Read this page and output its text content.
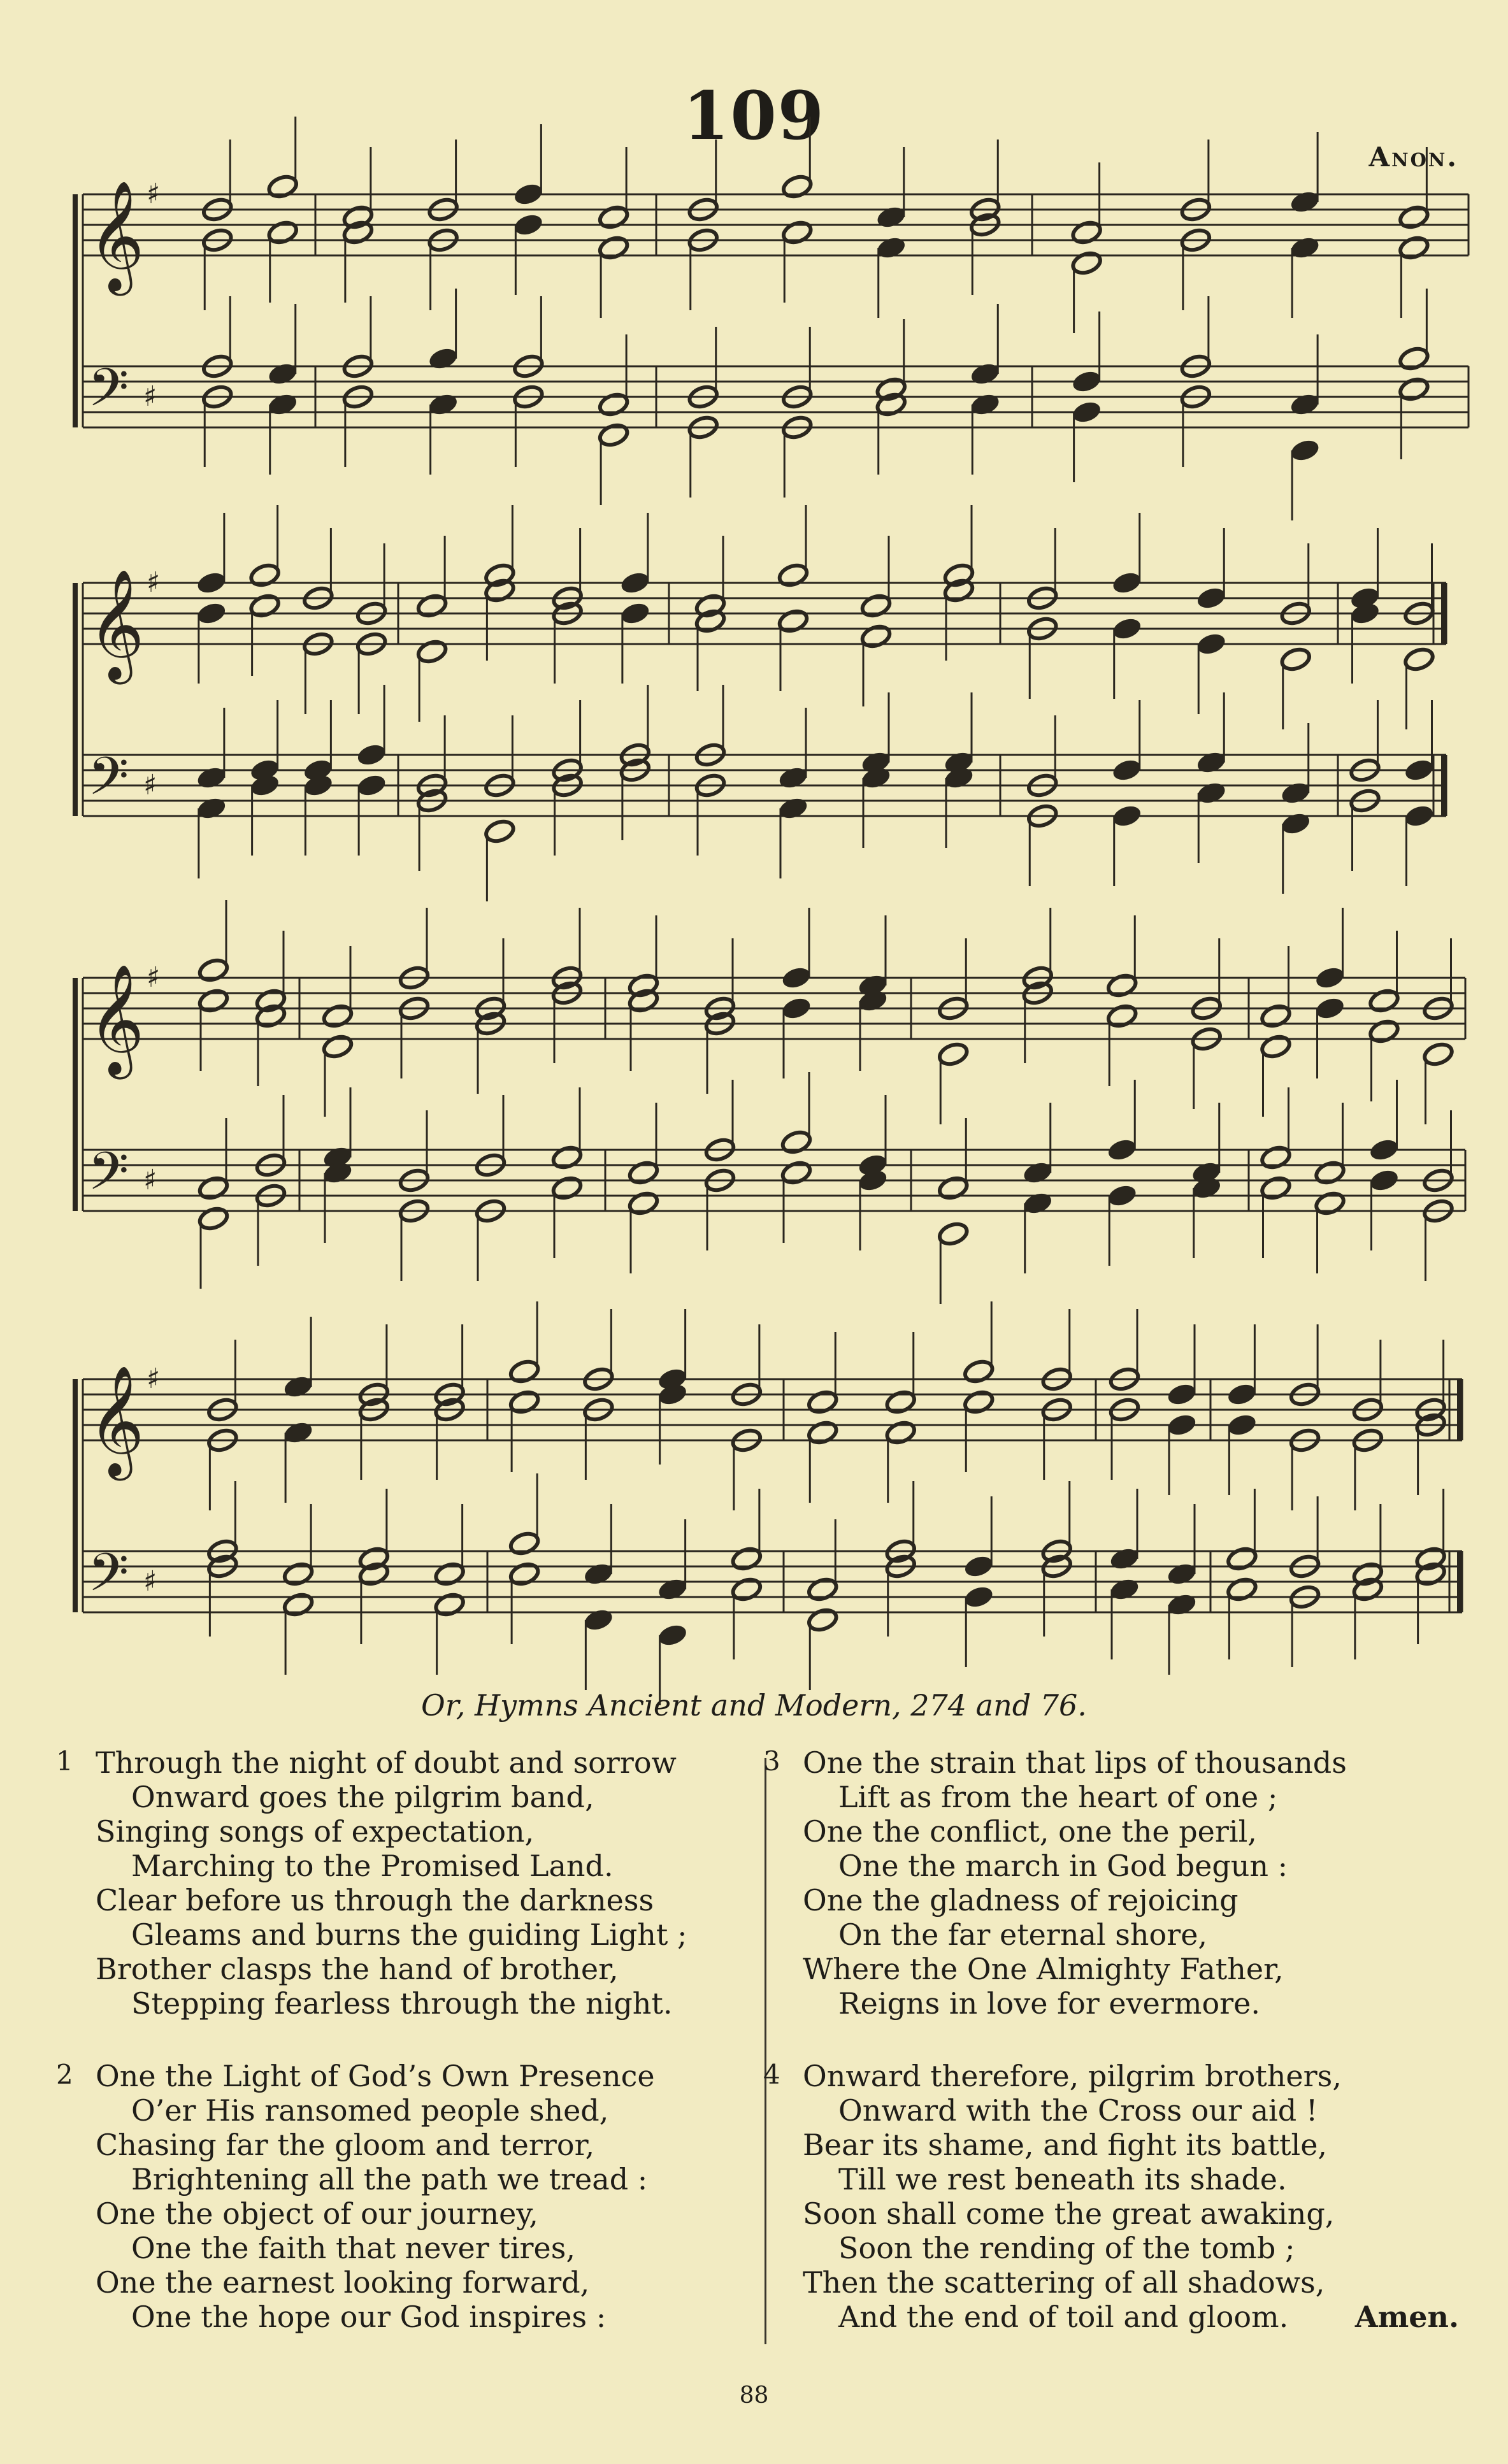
109
Anon.
𝄞 ♯
𝄢 ♯
𝄞 ♯
𝄢 ♯
𝄞 ♯
𝄢 ♯
𝄞 ♯
𝄢 ♯
Or, Hymns Ancient and Modern, 274 and 76.
1 Through the night of doubt and sorrow
Onward goes the pilgrim band,
Singing songs of expectation,
Marching to the Promised Land.
Clear before us through the darkness
Gleams and burns the guiding Light ;
Brother clasps the hand of brother,
Stepping fearless through the night.
2 One the Light of God’s Own Presence
O’er His ransomed people shed,
Chasing far the gloom and terror,
Brightening all the path we tread :
One the object of our journey,
One the faith that never tires,
One the earnest looking forward,
One the hope our God inspires :
3 One the strain that lips of thousands
Lift as from the heart of one ;
One the conflict, one the peril,
One the march in God begun :
One the gladness of rejoicing
On the far eternal shore,
Where the One Almighty Father,
Reigns in love for evermore.
4 Onward therefore, pilgrim brothers,
Onward with the Cross our aid !
Bear its shame, and fight its battle,
Till we rest beneath its shade.
Soon shall come the great awaking,
Soon the rending of the tomb ;
Then the scattering of all shadows,
And the end of toil and gloom.	Amen.
88
